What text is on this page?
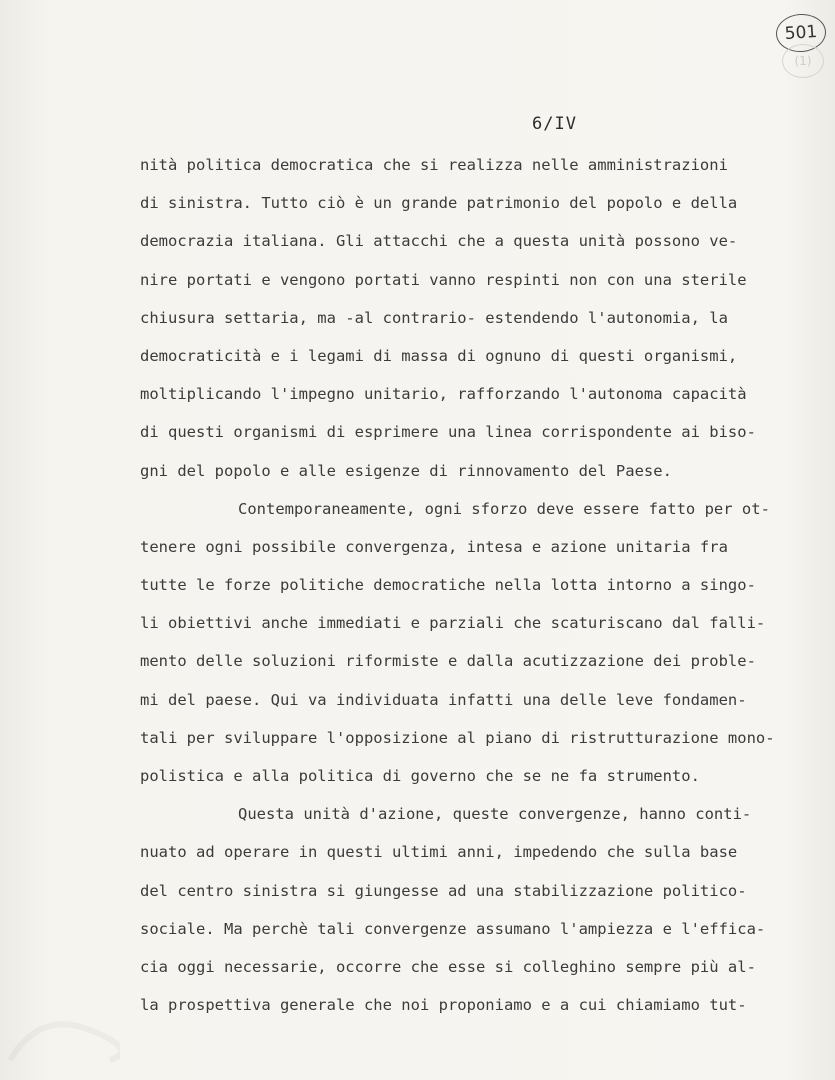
501
(1)
6/IV
nità politica democratica che si realizza nelle amministrazioni
di sinistra. Tutto ciò è un grande patrimonio del popolo e della
democrazia italiana. Gli attacchi che a questa unità possono ve-
nire portati e vengono portati vanno respinti non con una sterile
chiusura settaria, ma -al contrario- estendendo l'autonomia, la
democraticità e i legami di massa di ognuno di questi organismi,
moltiplicando l'impegno unitario, rafforzando l'autonoma capacità
di questi organismi di esprimere una linea corrispondente ai biso-
gni del popolo e alle esigenze di rinnovamento del Paese.
Contemporaneamente, ogni sforzo deve essere fatto per ot-
tenere ogni possibile convergenza, intesa e azione unitaria fra
tutte le forze politiche democratiche nella lotta intorno a singo-
li obiettivi anche immediati e parziali che scaturiscano dal falli-
mento delle soluzioni riformiste e dalla acutizzazione dei proble-
mi del paese. Qui va individuata infatti una delle leve fondamen-
tali per sviluppare l'opposizione al piano di ristrutturazione mono-
polistica e alla politica di governo che se ne fa strumento.
Questa unità d'azione, queste convergenze, hanno conti-
nuato ad operare in questi ultimi anni, impedendo che sulla base
del centro sinistra si giungesse ad una stabilizzazione politico-
sociale. Ma perchè tali convergenze assumano l'ampiezza e l'effica-
cia oggi necessarie, occorre che esse si colleghino sempre più al-
la prospettiva generale che noi proponiamo e a cui chiamiamo tut-
